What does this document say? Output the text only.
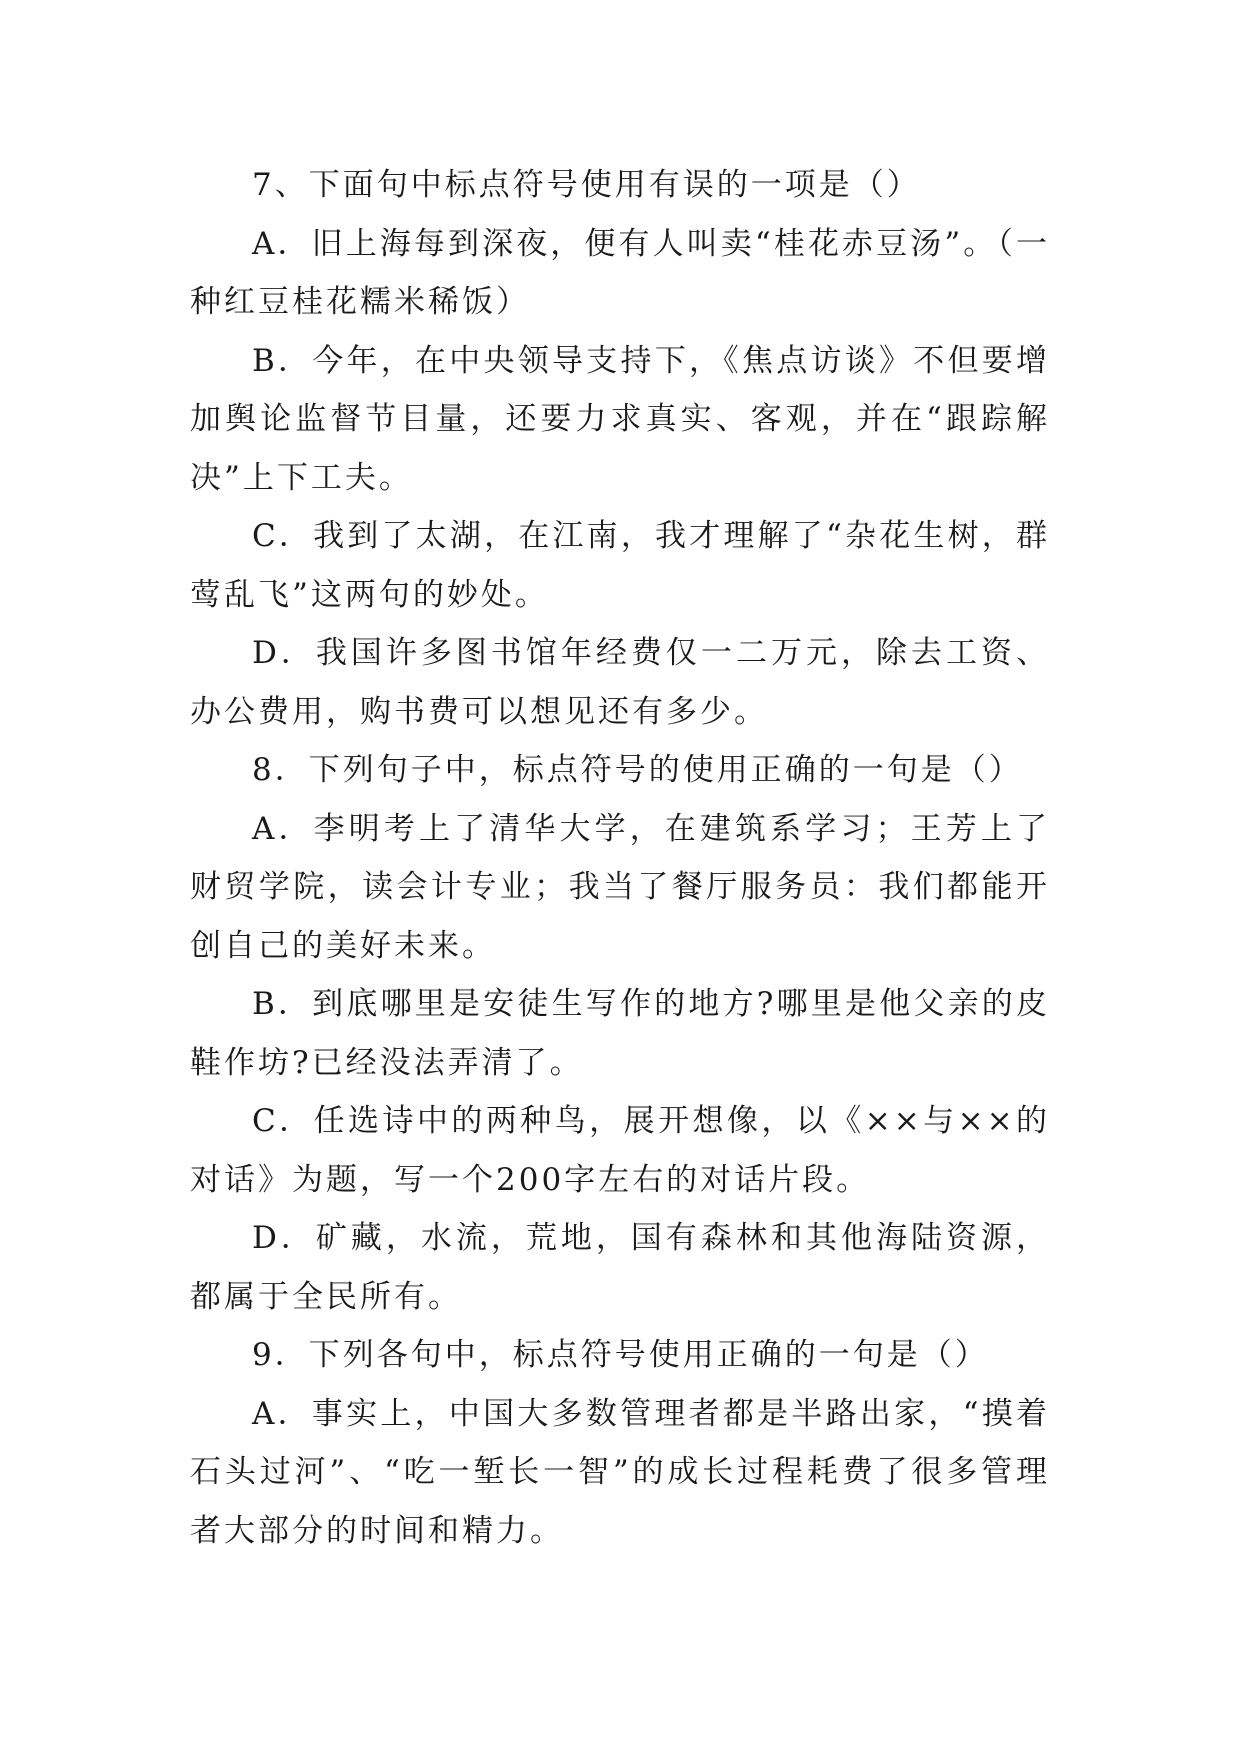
7、下面句中标点符号使用有误的一项是（）

A．旧上海每到深夜，便有人叫卖“桂花赤豆汤”。（一种红豆桂花糯米稀饭）

B．今年，在中央领导支持下，《焦点访谈》不但要增加舆论监督节目量，还要力求真实、客观，并在“跟踪解决”上下工夫。

C．我到了太湖，在江南，我才理解了“杂花生树，群莺乱飞”这两句的妙处。

D．我国许多图书馆年经费仅一二万元，除去工资、办公费用，购书费可以想见还有多少。

8．下列句子中，标点符号的使用正确的一句是（）

A．李明考上了清华大学，在建筑系学习；王芳上了财贸学院，读会计专业；我当了餐厅服务员：我们都能开创自己的美好未来。

B．到底哪里是安徒生写作的地方?哪里是他父亲的皮鞋作坊?已经没法弄清了。

C．任选诗中的两种鸟，展开想像，以《××与××的对话》为题，写一个200字左右的对话片段。

D．矿藏，水流，荒地，国有森林和其他海陆资源，都属于全民所有。

9．下列各句中，标点符号使用正确的一句是（）

A．事实上，中国大多数管理者都是半路出家，“摸着石头过河”、“吃一堑长一智”的成长过程耗费了很多管理者大部分的时间和精力。
